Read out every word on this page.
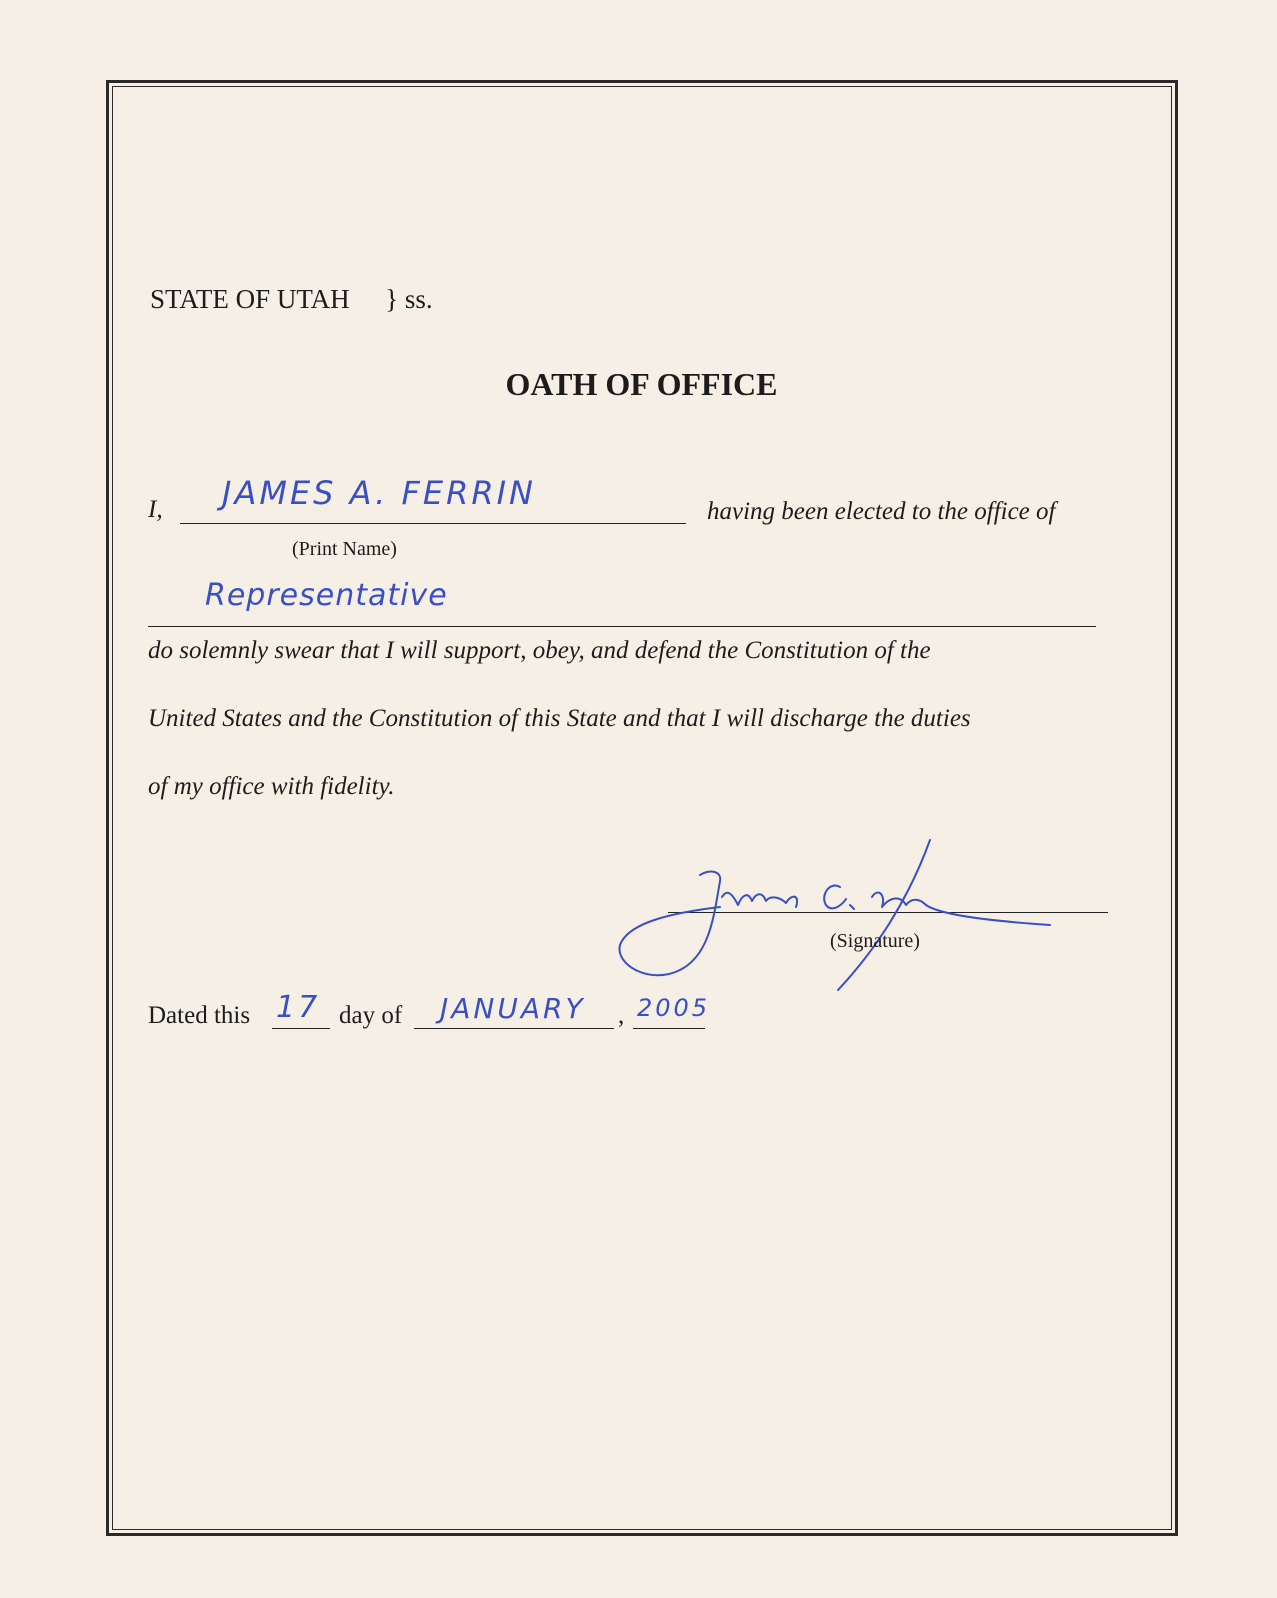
STATE OF UTAH } ss.
OATH OF OFFICE
I, JAMES A. FERRIN	having been elected to the office of
(Print Name)
Representative
do solemnly swear that I will support, obey, and defend the Constitution of the
United States and the Constitution of this State and that I will discharge the duties
of my office with fidelity.
(Signature)
Dated this 17 day of JANUARY , 2005
